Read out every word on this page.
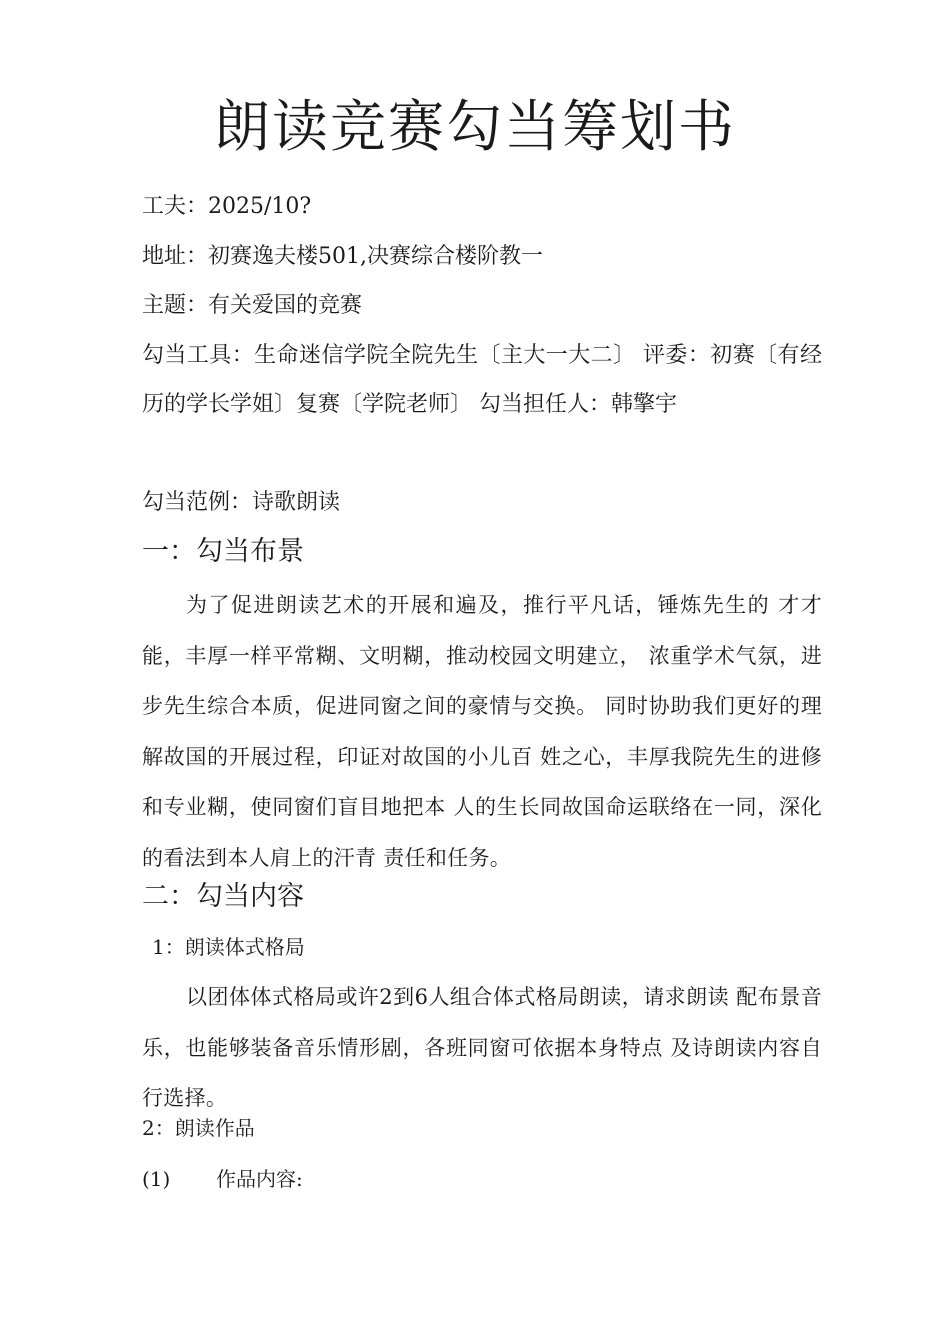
朗读竞赛勾当筹划书
工夫：2025/10?
地址：初赛逸夫楼501,决赛综合楼阶教一
主题：有关爱国的竞赛
勾当工具：生命迷信学院全院先生〔主大一大二〕 评委：初赛〔有经历的学长学姐〕复赛〔学院老师〕 勾当担任人：韩擎宇
勾当范例：诗歌朗读
一：勾当布景
为了促进朗读艺术的开展和遍及，推行平凡话，锤炼先生的 才才能，丰厚一样平常糊、文明糊，推动校园文明建立， 浓重学术气氛，进步先生综合本质，促进同窗之间的豪情与交换。 同时协助我们更好的理解故国的开展过程，印证对故国的小儿百 姓之心，丰厚我院先生的进修和专业糊，使同窗们盲目地把本 人的生长同故国命运联络在一同，深化的看法到本人肩上的汗青 责任和任务。
二：勾当内容
1：朗读体式格局
以团体体式格局或许2到6人组合体式格局朗读，请求朗读 配布景音乐，也能够装备音乐情形剧，各班同窗可依据本身特点 及诗朗读内容自行选择。
2：朗读作品
(1) 作品内容:
